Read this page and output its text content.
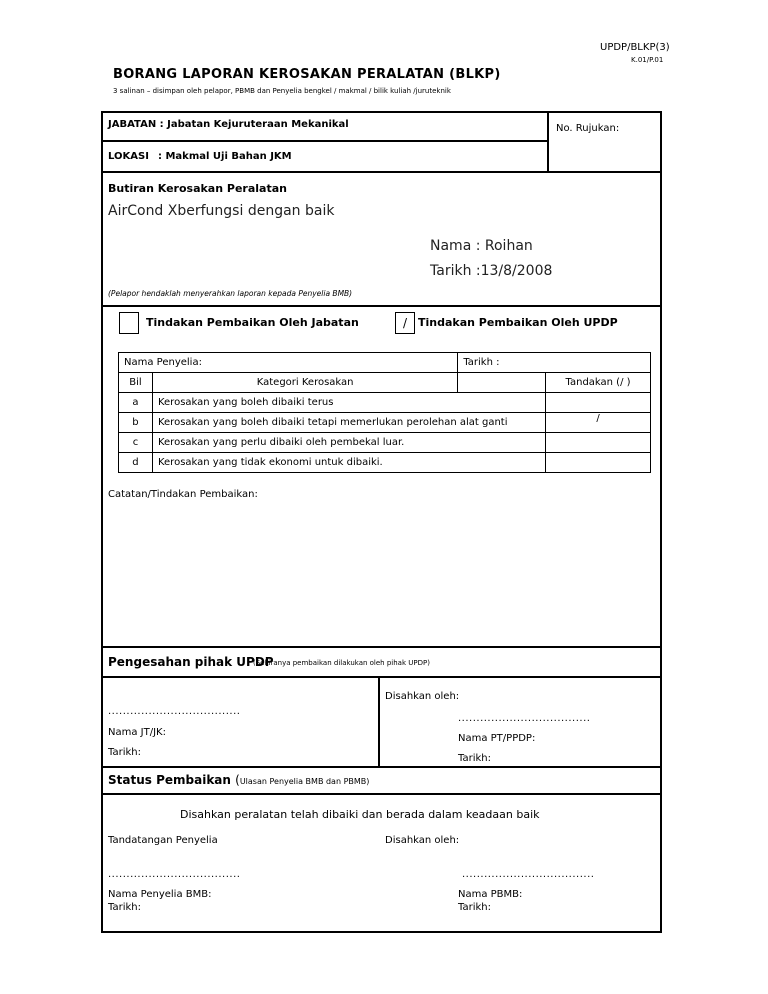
UPDP/BLKP(3)
K.01/P.01
BORANG LAPORAN KEROSAKAN PERALATAN (BLKP)
3 salinan – disimpan oleh pelapor, PBMB dan Penyelia bengkel / makmal / bilik kuliah /juruteknik
JABATAN : Jabatan Kejuruteraan Mekanikal
LOKASI : Makmal Uji Bahan JKM
No. Rujukan:
Butiran Kerosakan Peralatan
AirCond Xberfungsi dengan baik
Nama : Roihan
Tarikh :13/8/2008
(Pelapor hendaklah menyerahkan laporan kepada Penyelia BMB)
Tindakan Pembaikan Oleh Jabatan	/ Tindakan Pembaikan Oleh UPDP
Nama Penyelia:		Tarikh :	
Bil	Kategori Kerosakan		Tandakan (/ )
a	Kerosakan yang boleh dibaiki terus		
b	Kerosakan yang boleh dibaiki tetapi memerlukan perolehan alat ganti		/
c	Kerosakan yang perlu dibaiki oleh pembekal luar.		
d	Kerosakan yang tidak ekonomi untuk dibaiki.		
Catatan/Tindakan Pembaikan:
Pengesahan pihak UPDP
(Sekiranya pembaikan dilakukan oleh pihak UPDP)
....................................
Nama JT/JK:
Tarikh:
Disahkan oleh:
....................................
Nama PT/PPDP:
Tarikh:
Status Pembaikan (Ulasan Penyelia BMB dan PBMB)
Disahkan peralatan telah dibaiki dan berada dalam keadaan baik
Tandatangan Penyelia	Disahkan oleh:
....................................	....................................
Nama Penyelia BMB:
Tarikh:
Nama PBMB:
Tarikh:
